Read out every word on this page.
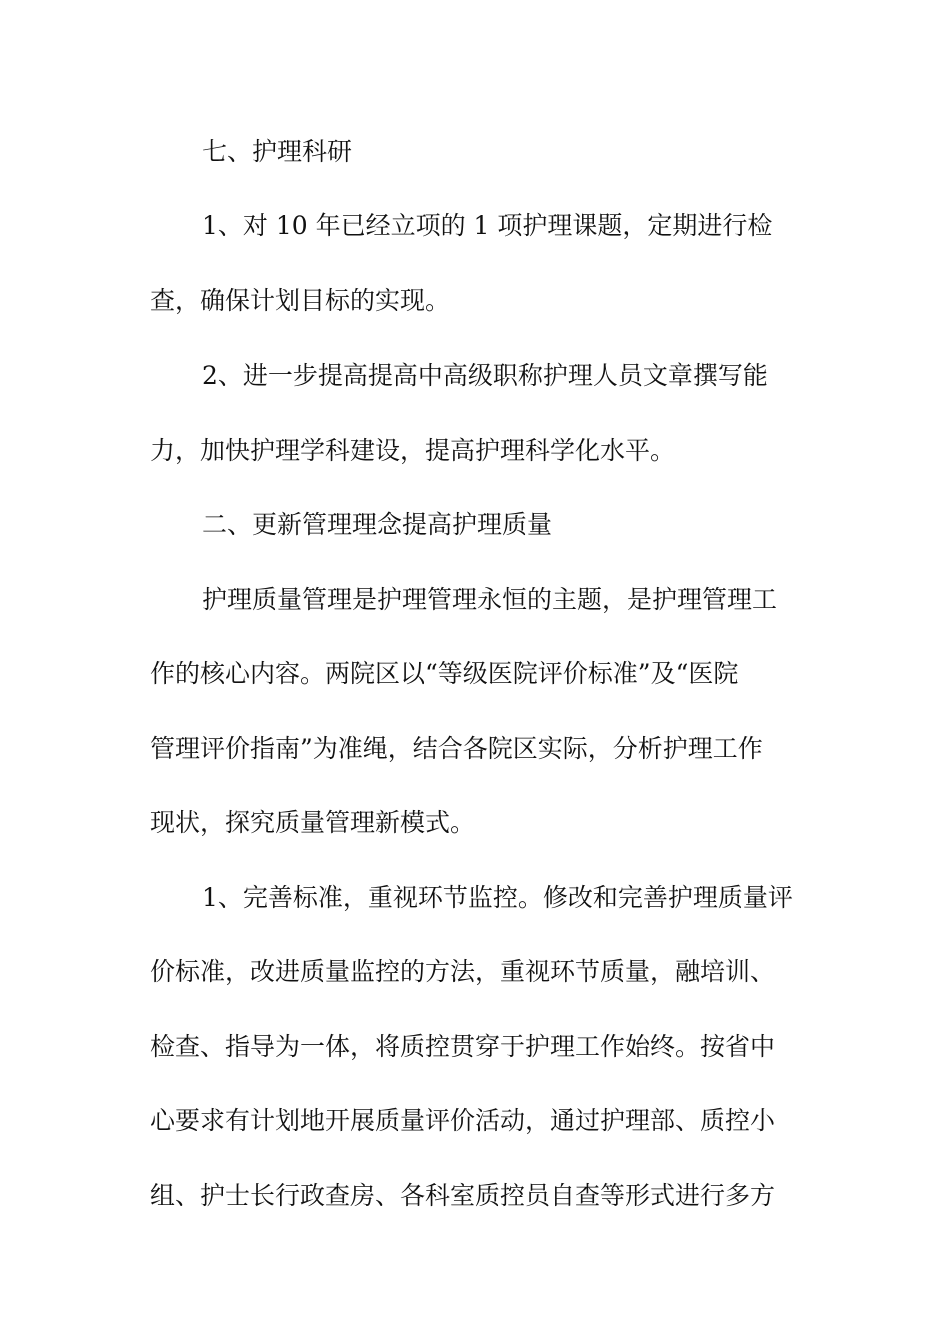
七、护理科研
1、对 10 年已经立项的 1 项护理课题，定期进行检
查，确保计划目标的实现。
2、进一步提高提高中高级职称护理人员文章撰写能
力，加快护理学科建设，提高护理科学化水平。
二、更新管理理念提高护理质量
护理质量管理是护理管理永恒的主题，是护理管理工
作的核心内容。两院区以“等级医院评价标准”及“医院
管理评价指南”为准绳，结合各院区实际，分析护理工作
现状，探究质量管理新模式。
1、完善标准，重视环节监控。修改和完善护理质量评
价标准，改进质量监控的方法，重视环节质量，融培训、
检查、指导为一体，将质控贯穿于护理工作始终。按省中
心要求有计划地开展质量评价活动，通过护理部、质控小
组、护士长行政查房、各科室质控员自查等形式进行多方
